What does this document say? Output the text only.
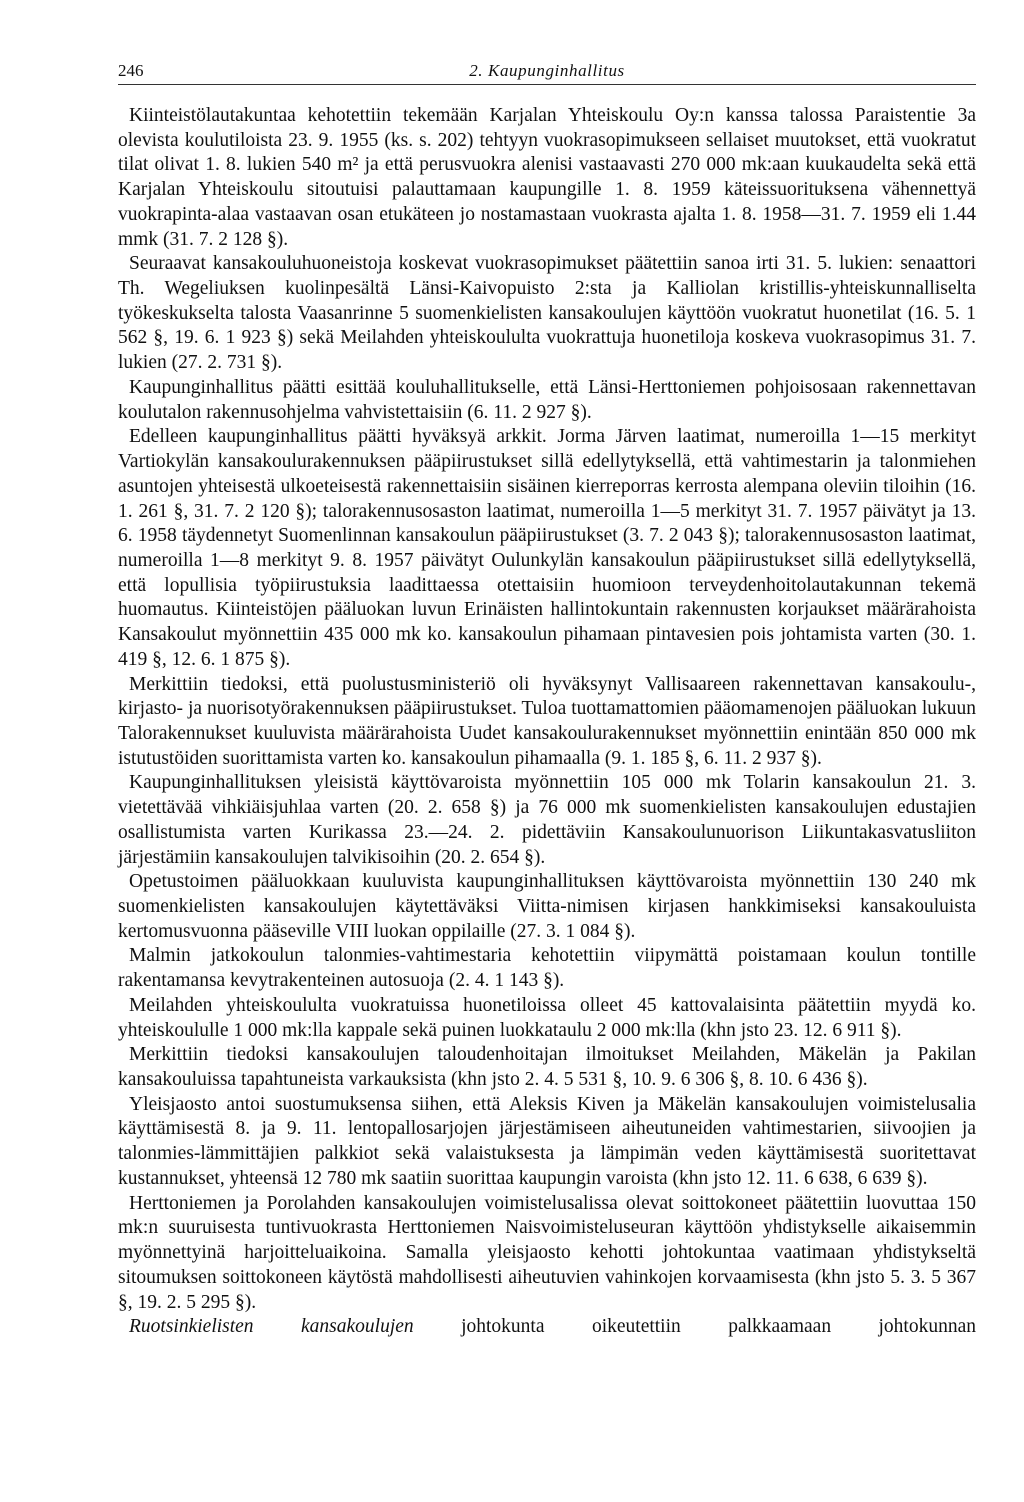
246	2. Kaupunginhallitus

Kiinteistölautakuntaa kehotettiin tekemään Karjalan Yhteiskoulu Oy:n kanssa talossa Paraistentie 3a olevista koulutiloista 23. 9. 1955 (ks. s. 202) tehtyyn vuokrasopimukseen sellaiset muutokset, että vuokratut tilat olivat 1. 8. lukien 540 m² ja että perusvuokra alenisi vastaavasti 270 000 mk:aan kuukaudelta sekä että Karjalan Yhteiskoulu sitoutuisi palauttamaan kaupungille 1. 8. 1959 käteissuorituksena vähennettyä vuokrapinta-alaa vastaavan osan etukäteen jo nostamastaan vuokrasta ajalta 1. 8. 1958—31. 7. 1959 eli 1.44 mmk (31. 7. 2 128 §).

Seuraavat kansakouluhuoneistoja koskevat vuokrasopimukset päätettiin sanoa irti 31. 5. lukien: senaattori Th. Wegeliuksen kuolinpesältä Länsi-Kaivopuisto 2:sta ja Kalliolan kristillis-yhteiskunnalliselta työkeskukselta talosta Vaasanrinne 5 suomenkielisten kansakoulujen käyttöön vuokratut huonetilat (16. 5. 1 562 §, 19. 6. 1 923 §) sekä Meilahden yhteiskoululta vuokrattuja huonetiloja koskeva vuokrasopimus 31. 7. lukien (27. 2. 731 §).

Kaupunginhallitus päätti esittää kouluhallitukselle, että Länsi-Herttoniemen pohjoisosaan rakennettavan koulutalon rakennusohjelma vahvistettaisiin (6. 11. 2 927 §).

Edelleen kaupunginhallitus päätti hyväksyä arkkit. Jorma Järven laatimat, numeroilla 1—15 merkityt Vartiokylän kansakoulurakennuksen pääpiirustukset sillä edellytyksellä, että vahtimestarin ja talonmiehen asuntojen yhteisestä ulkoeteisestä rakennettaisiin sisäinen kierreporras kerrosta alempana oleviin tiloihin (16. 1. 261 §, 31. 7. 2 120 §); talorakennusosaston laatimat, numeroilla 1—5 merkityt 31. 7. 1957 päivätyt ja 13. 6. 1958 täydennetyt Suomenlinnan kansakoulun pääpiirustukset (3. 7. 2 043 §); talorakennusosaston laatimat, numeroilla 1—8 merkityt 9. 8. 1957 päivätyt Oulunkylän kansakoulun pääpiirustukset sillä edellytyksellä, että lopullisia työpiirustuksia laadittaessa otettaisiin huomioon terveydenhoitolautakunnan tekemä huomautus. Kiinteistöjen pääluokan luvun Erinäisten hallintokuntain rakennusten korjaukset määrärahoista Kansakoulut myönnettiin 435 000 mk ko. kansakoulun pihamaan pintavesien pois johtamista varten (30. 1. 419 §, 12. 6. 1 875 §).

Merkittiin tiedoksi, että puolustusministeriö oli hyväksynyt Vallisaareen rakennettavan kansakoulu-, kirjasto- ja nuorisotyörakennuksen pääpiirustukset. Tuloa tuottamattomien pääomamenojen pääluokan lukuun Talorakennukset kuuluvista määrärahoista Uudet kansakoulurakennukset myönnettiin enintään 850 000 mk istutustöiden suorittamista varten ko. kansakoulun pihamaalla (9. 1. 185 §, 6. 11. 2 937 §).

Kaupunginhallituksen yleisistä käyttövaroista myönnettiin 105 000 mk Tolarin kansakoulun 21. 3. vietettävää vihkiäisjuhlaa varten (20. 2. 658 §) ja 76 000 mk suomenkielisten kansakoulujen edustajien osallistumista varten Kurikassa 23.—24. 2. pidettäviin Kansakoulunuorison Liikuntakasvatusliiton järjestämiin kansakoulujen talvikisoihin (20. 2. 654 §).

Opetustoimen pääluokkaan kuuluvista kaupunginhallituksen käyttövaroista myönnettiin 130 240 mk suomenkielisten kansakoulujen käytettäväksi Viitta-nimisen kirjasen hankkimiseksi kansakouluista kertomusvuonna pääseville VIII luokan oppilaille (27. 3. 1 084 §).

Malmin jatkokoulun talonmies-vahtimestaria kehotettiin viipymättä poistamaan koulun tontille rakentamansa kevytrakenteinen autosuoja (2. 4. 1 143 §).

Meilahden yhteiskoululta vuokratuissa huonetiloissa olleet 45 kattovalaisinta päätettiin myydä ko. yhteiskoululle 1 000 mk:lla kappale sekä puinen luokkataulu 2 000 mk:lla (khn jsto 23. 12. 6 911 §).

Merkittiin tiedoksi kansakoulujen taloudenhoitajan ilmoitukset Meilahden, Mäkelän ja Pakilan kansakouluissa tapahtuneista varkauksista (khn jsto 2. 4. 5 531 §, 10. 9. 6 306 §, 8. 10. 6 436 §).

Yleisjaosto antoi suostumuksensa siihen, että Aleksis Kiven ja Mäkelän kansakoulujen voimistelusalia käyttämisestä 8. ja 9. 11. lentopallosarjojen järjestämiseen aiheutuneiden vahtimestarien, siivoojien ja talonmies-lämmittäjien palkkiot sekä valaistuksesta ja lämpimän veden käyttämisestä suoritettavat kustannukset, yhteensä 12 780 mk saatiin suorittaa kaupungin varoista (khn jsto 12. 11. 6 638, 6 639 §).

Herttoniemen ja Porolahden kansakoulujen voimistelusalissa olevat soittokoneet päätettiin luovuttaa 150 mk:n suuruisesta tuntivuokrasta Herttoniemen Naisvoimisteluseuran käyttöön yhdistykselle aikaisemmin myönnettyinä harjoitteluaikoina. Samalla yleisjaosto kehotti johtokuntaa vaatimaan yhdistykseltä sitoumuksen soittokoneen käytöstä mahdollisesti aiheutuvien vahinkojen korvaamisesta (khn jsto 5. 3. 5 367 §, 19. 2. 5 295 §).

Ruotsinkielisten kansakoulujen johtokunta oikeutettiin palkkaamaan johtokunnan
